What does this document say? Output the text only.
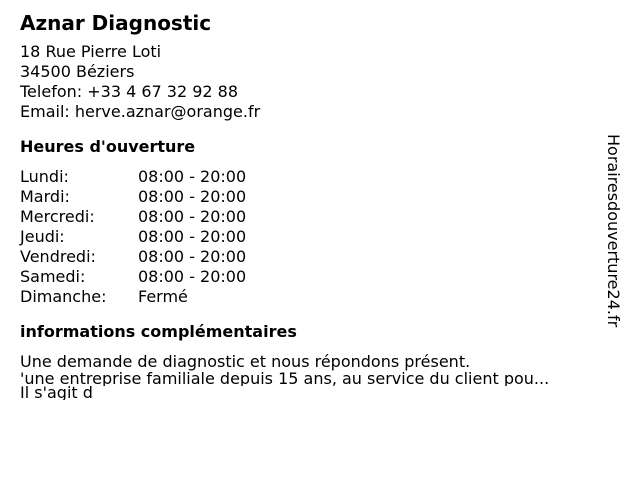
Aznar Diagnostic
18 Rue Pierre Loti
34500 Béziers
Telefon: +33 4 67 32 92 88
Email: herve.aznar@orange.fr
Heures d'ouverture
Lundi:	08:00 - 20:00
Mardi:	08:00 - 20:00
Mercredi:	08:00 - 20:00
Jeudi:	08:00 - 20:00
Vendredi:	08:00 - 20:00
Samedi:	08:00 - 20:00
Dimanche:	Fermé
informations complémentaires
Une demande de diagnostic et nous répondons présent.
'une entreprise familiale depuis 15 ans, au service du client pou...
Il s'agit d
Horairesdouverture24.fr
